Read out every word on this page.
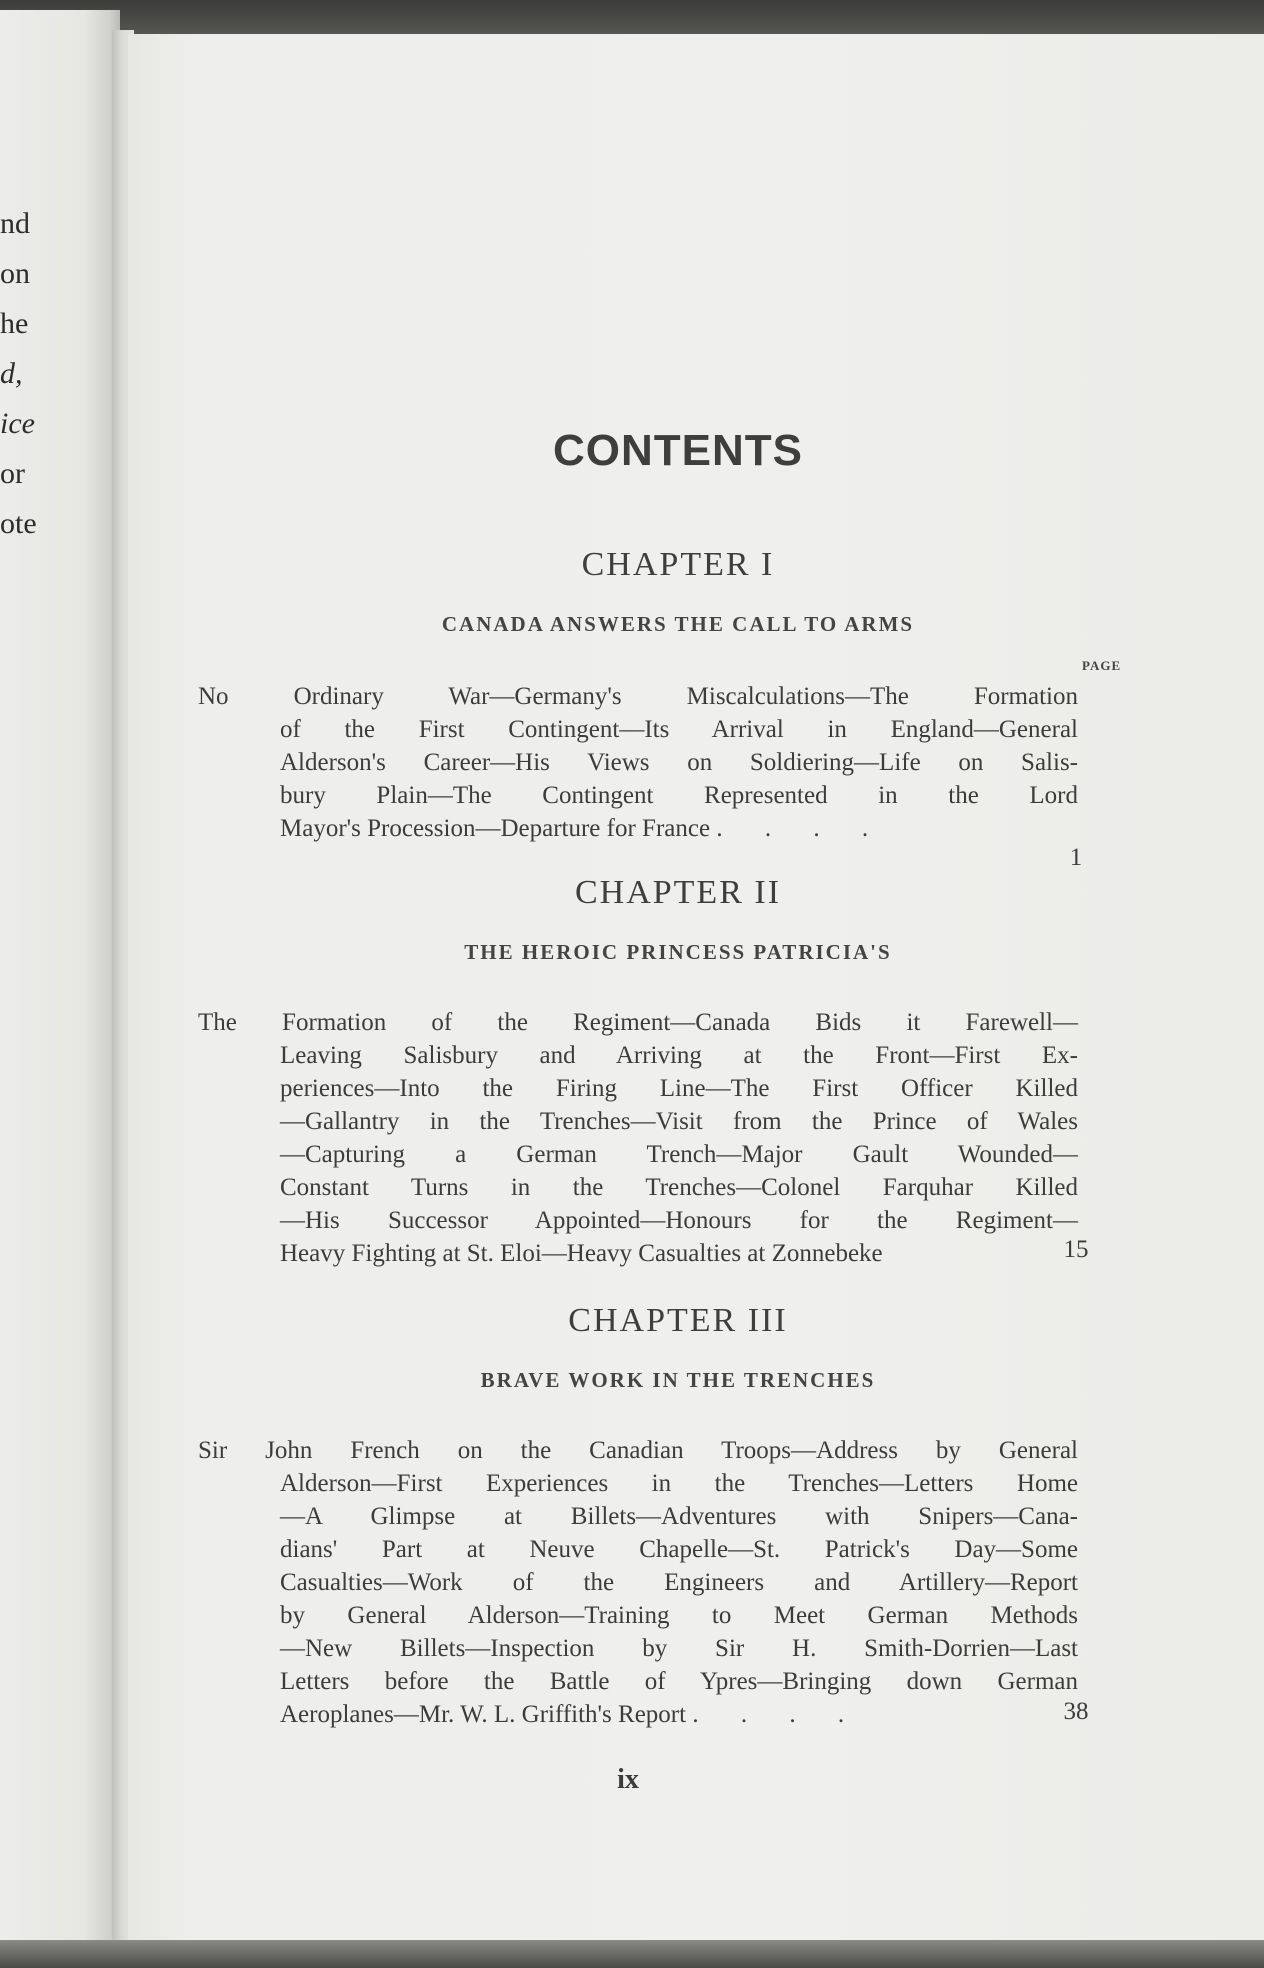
nd
on
he
d,
ice
or
ote
CONTENTS
CHAPTER I
CANADA ANSWERS THE CALL TO ARMS
PAGE
No Ordinary War—Germany's Miscalculations—The Formation
of the First Contingent—Its Arrival in England—General
Alderson's Career—His Views on Soldiering—Life on Salis-
bury Plain—The Contingent Represented in the Lord
Mayor's Procession—Departure for France . . . .
1
CHAPTER II
THE HEROIC PRINCESS PATRICIA'S
The Formation of the Regiment—Canada Bids it Farewell—
Leaving Salisbury and Arriving at the Front—First Ex-
periences—Into the Firing Line—The First Officer Killed
—Gallantry in the Trenches—Visit from the Prince of Wales
—Capturing a German Trench—Major Gault Wounded—
Constant Turns in the Trenches—Colonel Farquhar Killed
—His Successor Appointed—Honours for the Regiment—
Heavy Fighting at St. Eloi—Heavy Casualties at Zonnebeke	15
CHAPTER III
BRAVE WORK IN THE TRENCHES
Sir John French on the Canadian Troops—Address by General
Alderson—First Experiences in the Trenches—Letters Home
—A Glimpse at Billets—Adventures with Snipers—Cana-
dians' Part at Neuve Chapelle—St. Patrick's Day—Some
Casualties—Work of the Engineers and Artillery—Report
by General Alderson—Training to Meet German Methods
—New Billets—Inspection by Sir H. Smith-Dorrien—Last
Letters before the Battle of Ypres—Bringing down German
Aeroplanes—Mr. W. L. Griffith's Report . . . .	38
ix
